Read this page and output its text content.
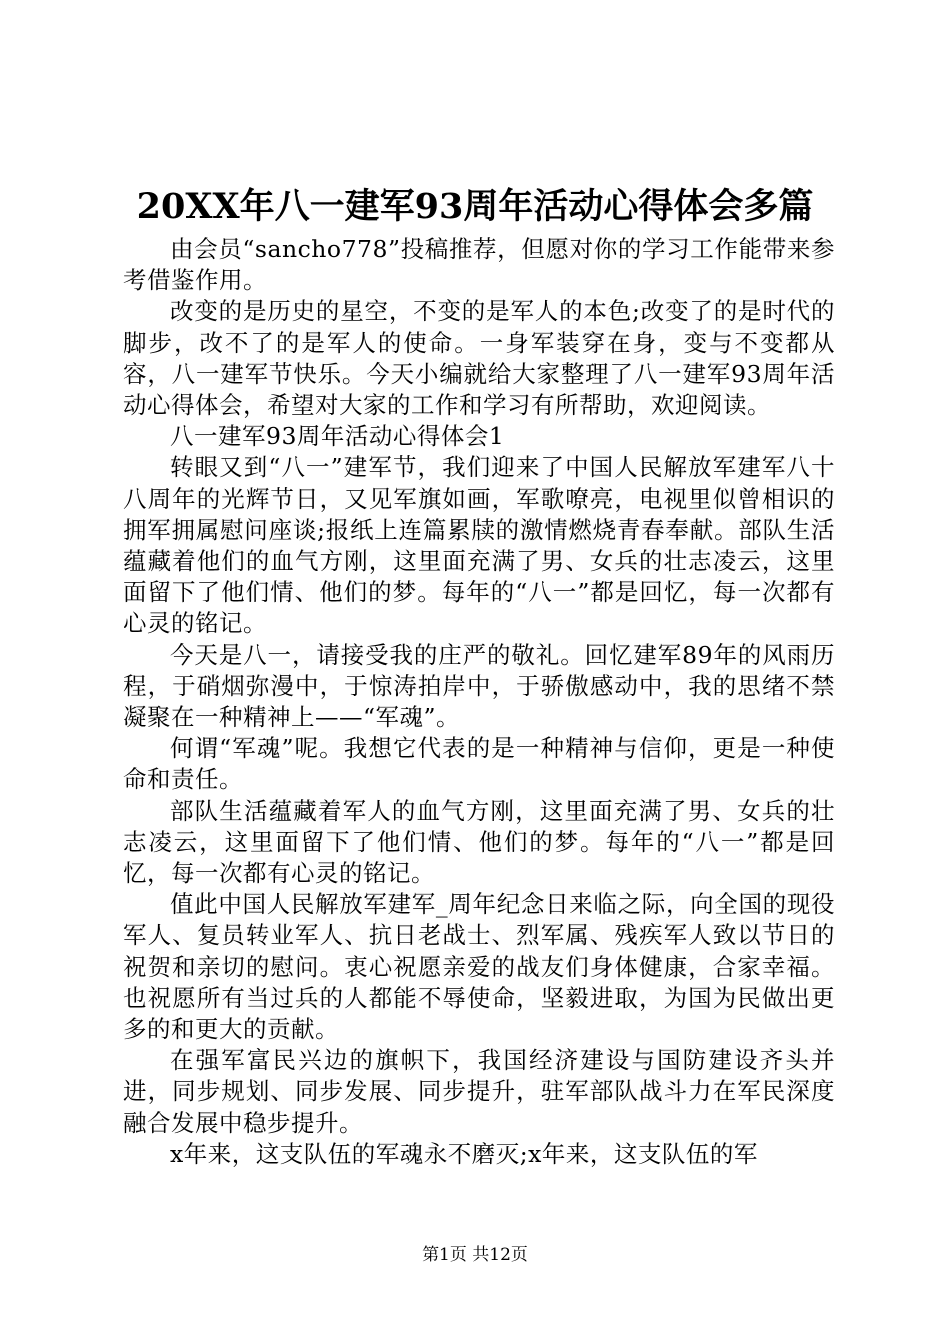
20XX年八一建军93周年活动心得体会多篇

由会员“sancho778”投稿推荐，但愿对你的学习工作能带来参考借鉴作用。

改变的是历史的星空，不变的是军人的本色;改变了的是时代的脚步，改不了的是军人的使命。一身军装穿在身，变与不变都从容，八一建军节快乐。今天小编就给大家整理了八一建军93周年活动心得体会，希望对大家的工作和学习有所帮助，欢迎阅读。

八一建军93周年活动心得体会1

转眼又到“八一”建军节，我们迎来了中国人民解放军建军八十八周年的光辉节日，又见军旗如画，军歌嘹亮，电视里似曾相识的拥军拥属慰问座谈;报纸上连篇累牍的激情燃烧青春奉献。部队生活蕴藏着他们的血气方刚，这里面充满了男、女兵的壮志凌云，这里面留下了他们情、他们的梦。每年的“八一”都是回忆，每一次都有心灵的铭记。

今天是八一，请接受我的庄严的敬礼。回忆建军89年的风雨历程，于硝烟弥漫中，于惊涛拍岸中，于骄傲感动中，我的思绪不禁凝聚在一种精神上——“军魂”。

何谓“军魂”呢。我想它代表的是一种精神与信仰，更是一种使命和责任。

部队生活蕴藏着军人的血气方刚，这里面充满了男、女兵的壮志凌云，这里面留下了他们情、他们的梦。每年的“八一”都是回忆，每一次都有心灵的铭记。

值此中国人民解放军建军_周年纪念日来临之际，向全国的现役军人、复员转业军人、抗日老战士、烈军属、残疾军人致以节日的祝贺和亲切的慰问。衷心祝愿亲爱的战友们身体健康，合家幸福。也祝愿所有当过兵的人都能不辱使命，坚毅进取，为国为民做出更多的和更大的贡献。

在强军富民兴边的旗帜下，我国经济建设与国防建设齐头并进，同步规划、同步发展、同步提升，驻军部队战斗力在军民深度融合发展中稳步提升。

x年来，这支队伍的军魂永不磨灭;x年来，这支队伍的军

第1页 共12页
